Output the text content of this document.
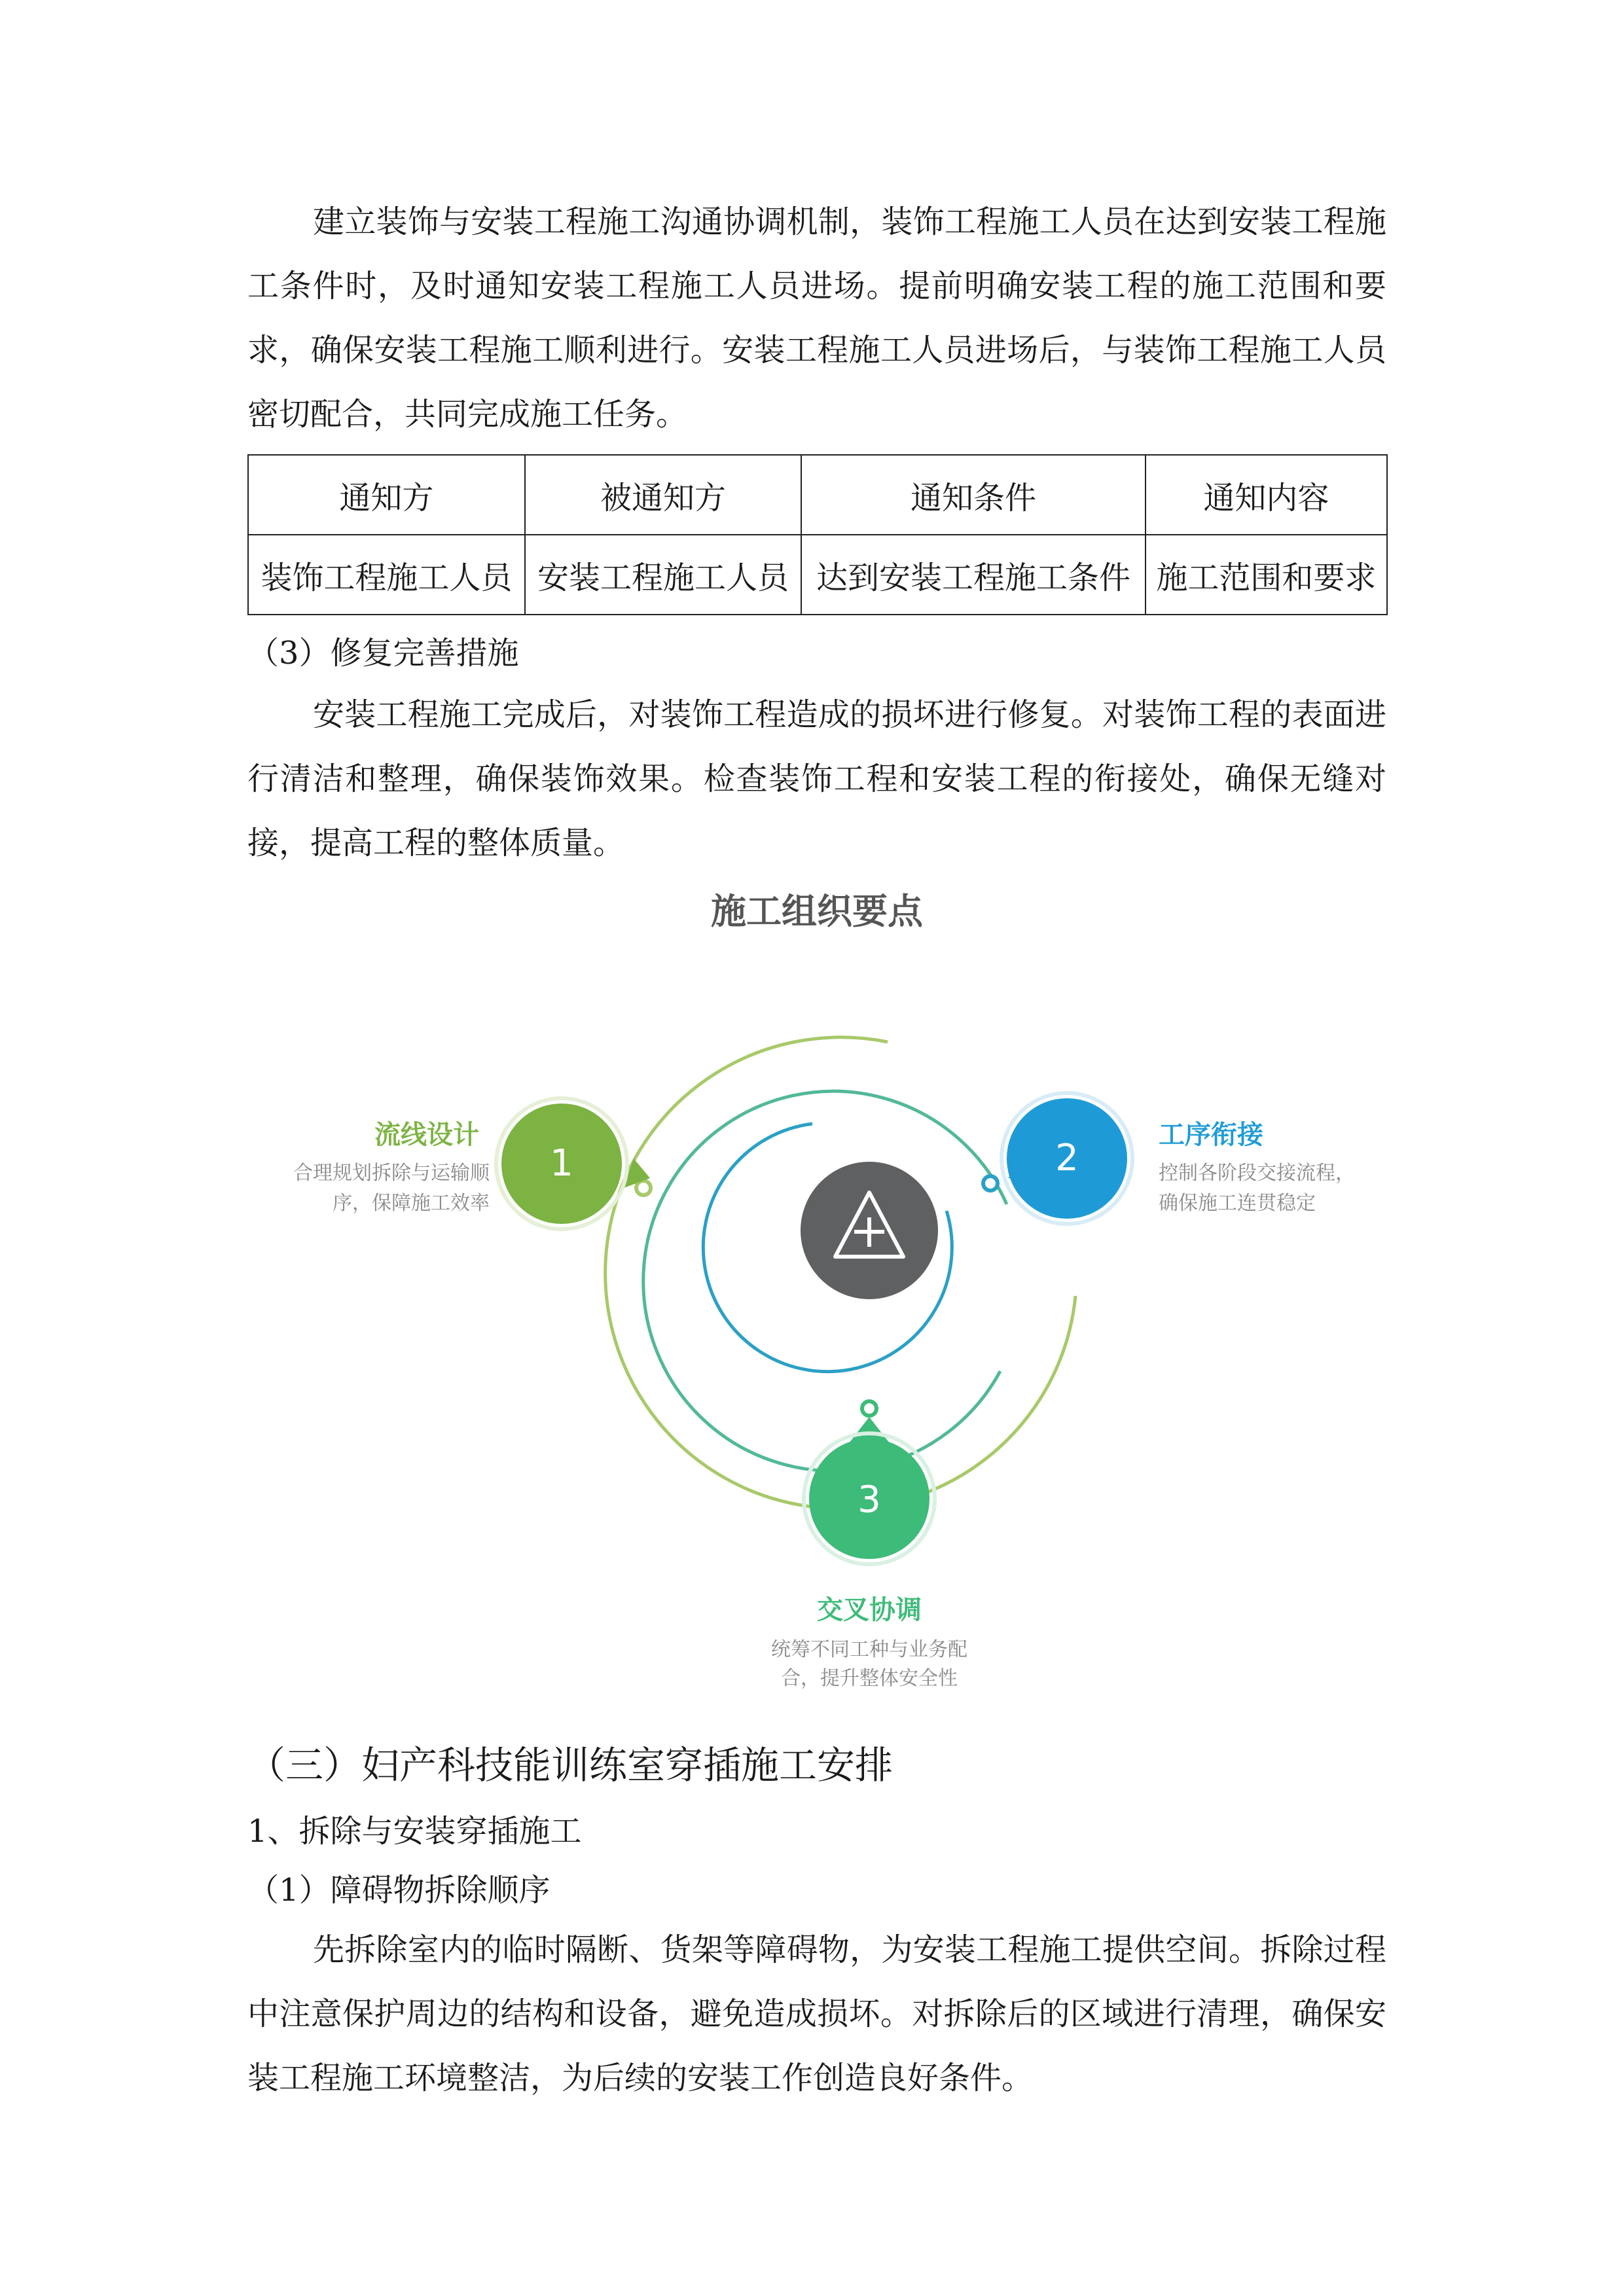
建立装饰与安装工程施工沟通协调机制，装饰工程施工人员在达到安装工程施工条件时，及时通知安装工程施工人员进场。提前明确安装工程的施工范围和要求，确保安装工程施工顺利进行。安装工程施工人员进场后，与装饰工程施工人员密切配合，共同完成施工任务。

通知方	被通知方	通知条件	通知内容
装饰工程施工人员	安装工程施工人员	达到安装工程施工条件	施工范围和要求

（3）修复完善措施

安装工程施工完成后，对装饰工程造成的损坏进行修复。对装饰工程的表面进行清洁和整理，确保装饰效果。检查装饰工程和安装工程的衔接处，确保无缝对接，提高工程的整体质量。

1	2
3

施工组织要点

流线设计

合理规划拆除与运输顺

序，保障施工效率

工序衔接

控制各阶段交接流程，

确保施工连贯稳定

交叉协调

统筹不同工种与业务配

合，提升整体安全性

（三）妇产科技能训练室穿插施工安排

1、拆除与安装穿插施工

（1）障碍物拆除顺序

先拆除室内的临时隔断、货架等障碍物，为安装工程施工提供空间。拆除过程中注意保护周边的结构和设备，避免造成损坏。对拆除后的区域进行清理，确保安装工程施工环境整洁，为后续的安装工作创造良好条件。
